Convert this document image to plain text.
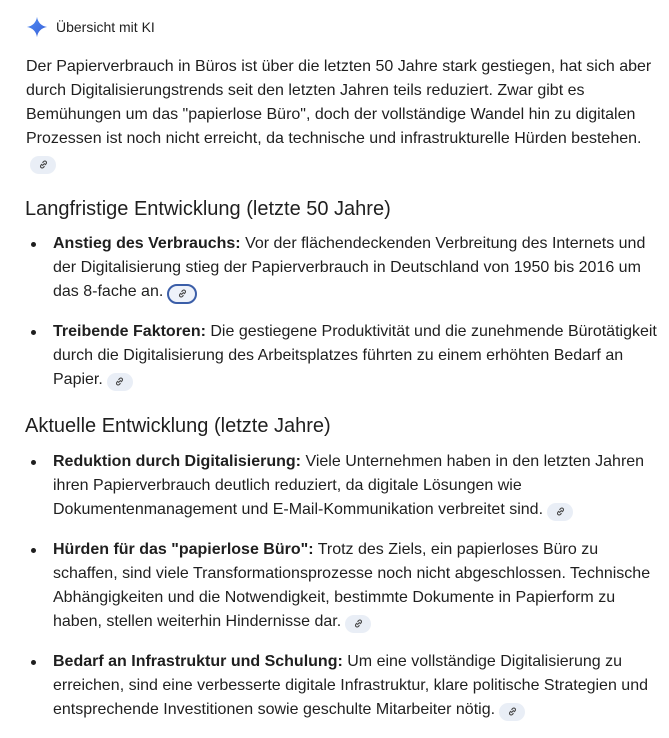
Übersicht mit KI

Der Papierverbrauch in Büros ist über die letzten 50 Jahre stark gestiegen, hat sich aber durch Digitalisierungstrends seit den letzten Jahren teils reduziert. Zwar gibt es Bemühungen um das "papierlose Büro", doch der vollständige Wandel hin zu digitalen Prozessen ist noch nicht erreicht, da technische und infrastrukturelle Hürden bestehen.

Langfristige Entwicklung (letzte 50 Jahre)
Anstieg des Verbrauchs: Vor der flächendeckenden Verbreitung des Internets und der Digitalisierung stieg der Papierverbrauch in Deutschland von 1950 bis 2016 um das 8-fache an.
Treibende Faktoren: Die gestiegene Produktivität und die zunehmende Bürotätigkeit durch die Digitalisierung des Arbeitsplatzes führten zu einem erhöhten Bedarf an Papier.
Aktuelle Entwicklung (letzte Jahre)
Reduktion durch Digitalisierung: Viele Unternehmen haben in den letzten Jahren ihren Papierverbrauch deutlich reduziert, da digitale Lösungen wie Dokumentenmanagement und E-Mail-Kommunikation verbreitet sind.
Hürden für das "papierlose Büro": Trotz des Ziels, ein papierloses Büro zu schaffen, sind viele Transformationsprozesse noch nicht abgeschlossen. Technische Abhängigkeiten und die Notwendigkeit, bestimmte Dokumente in Papierform zu haben, stellen weiterhin Hindernisse dar.
Bedarf an Infrastruktur und Schulung: Um eine vollständige Digitalisierung zu erreichen, sind eine verbesserte digitale Infrastruktur, klare politische Strategien und entsprechende Investitionen sowie geschulte Mitarbeiter nötig.
